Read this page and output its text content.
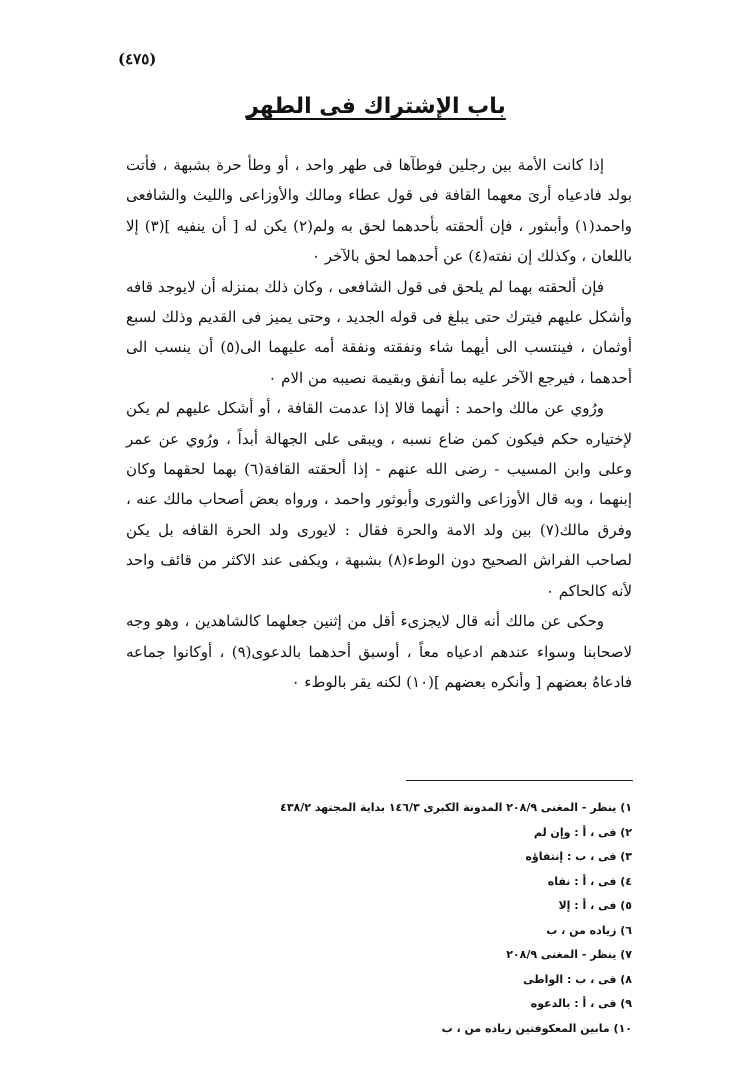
(٤٧٥)
باب الإشتراك فى الطهر

إذا كانت الأمة بين رجلين فوطآها فى طهر واحد ، أو وطأ حرة بشبهة ، فأتت بولد فادعياه أرىَ معهما القافة فى قول عطاء ومالك والأوزاعى والليث والشافعى واحمد(١) وأبىثور ، فإن ألحقته بأحدهما لحق به ولم(٢) يكن له [ أن ينفيه ](٣) إلا باللعان ، وكذلك إن نفته(٤) عن أحدهما لحق بالآخر ٠

فإن ألحقته بهما لم يلحق فى قول الشافعى ، وكان ذلك بمنزله أن لايوجد قافه وأشكل عليهم فيترك حتى يبلغ فى قوله الجديد ، وحتى يميز فى القديم وذلك لسبع أوثمان ، فينتسب الى أيهما شاء ونفقته ونفقة أمه عليهما الى(٥) أن ينسب الى أحدهما ، فيرجع الآخر عليه بما أنفق وبقيمة نصيبه من الام ٠

ورُوي عن مالك واحمد : أنهما قالا إذا عدمت القافة ، أو أشكل عليهم لم يكن لإختياره حكم فيكون كمن ضاع نسبه ، ويبقى على الجهالة أبداً ، ورُوي عن عمر وعلى وابن المسيب - رضى الله عنهم - إذا ألحقته القافة(٦) بهما لحقهما وكان إبنهما ، وبه قال الأوزاعى والثورى وأبوثور واحمد ، ورواه بعض أصحاب مالك عنه ، وفرق مالك(٧) بين ولد الامة والحرة فقال : لايورى ولد الحرة القافه بل يكن لصاحب الفراش الصحيح دون الوطء(٨) بشبهة ، ويكفى عند الاكثر من قائف واحد لأنه كالحاكم ٠

وحكى عن مالك أنه قال لايجزىء أقل من إثنين جعلهما كالشاهدين ، وهو وجه لاصحابنا وسواء عندهم ادعياه معاً ، أوسبق أحدهما بالدعوى(٩) ، أوكانوا جماعه فادعاهُ بعضهم [ وأنكره بعضهم ](١٠) لكنه يقر بالوطء ٠

١) ينظر - المغنى ٢٠٨/٩ المدونة الكبرى ١٤٦/٣ بداية المجتهد ٤٣٨/٢
٢) فى ، أ : وإن لم
٣) فى ، ب : إنتفاؤه
٤) فى ، أ : نفاه
٥) فى ، أ : إلا
٦) زياده من ، ب
٧) ينظر - المغنى ٢٠٨/٩
٨) فى ، ب : الواطى
٩) فى ، أ : بالدعوه
١٠) مابين المعكوفتين زياده من ، ب
